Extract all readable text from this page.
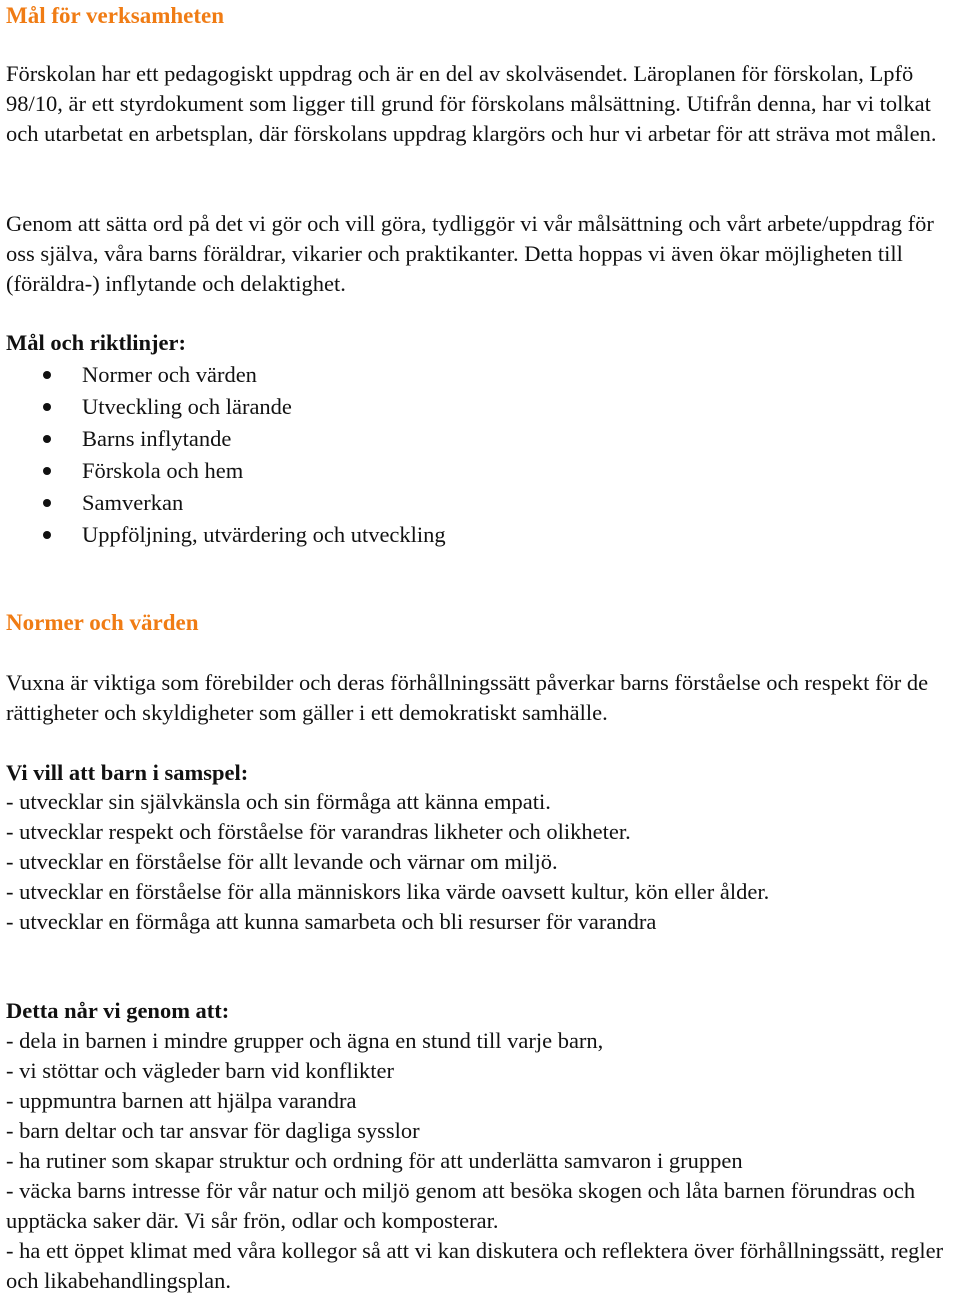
Mål för verksamheten

Förskolan har ett pedagogiskt uppdrag och är en del av skolväsendet. Läroplanen för förskolan, Lpfö 98/10, är ett styrdokument som ligger till grund för förskolans målsättning. Utifrån denna, har vi tolkat och utarbetat en arbetsplan, där förskolans uppdrag klargörs och hur vi arbetar för att sträva mot målen.

Genom att sätta ord på det vi gör och vill göra, tydliggör vi vår målsättning och vårt arbete/uppdrag för oss själva, våra barns föräldrar, vikarier och praktikanter. Detta hoppas vi även ökar möjligheten till (föräldra-) inflytande och delaktighet.

Mål och riktlinjer:

Normer och värden
Utveckling och lärande
Barns inflytande
Förskola och hem
Samverkan
Uppföljning, utvärdering och utveckling
Normer och värden

Vuxna är viktiga som förebilder och deras förhållningssätt påverkar barns förståelse och respekt för de rättigheter och skyldigheter som gäller i ett demokratiskt samhälle.

Vi vill att barn i samspel:

- utvecklar sin självkänsla och sin förmåga att känna empati.
- utvecklar respekt och förståelse för varandras likheter och olikheter.
- utvecklar en förståelse för allt levande och värnar om miljö.
- utvecklar en förståelse för alla människors lika värde oavsett kultur, kön eller ålder.
- utvecklar en förmåga att kunna samarbeta och bli resurser för varandra

Detta når vi genom att:

- dela in barnen i mindre grupper och ägna en stund till varje barn,
- vi stöttar och vägleder barn vid konflikter
- uppmuntra barnen att hjälpa varandra
- barn deltar och tar ansvar för dagliga sysslor
- ha rutiner som skapar struktur och ordning för att underlätta samvaron i gruppen
- väcka barns intresse för vår natur och miljö genom att besöka skogen och låta barnen förundras och upptäcka saker där. Vi sår frön, odlar och komposterar.
- ha ett öppet klimat med våra kollegor så att vi kan diskutera och reflektera över förhållningssätt, regler och likabehandlingsplan.
